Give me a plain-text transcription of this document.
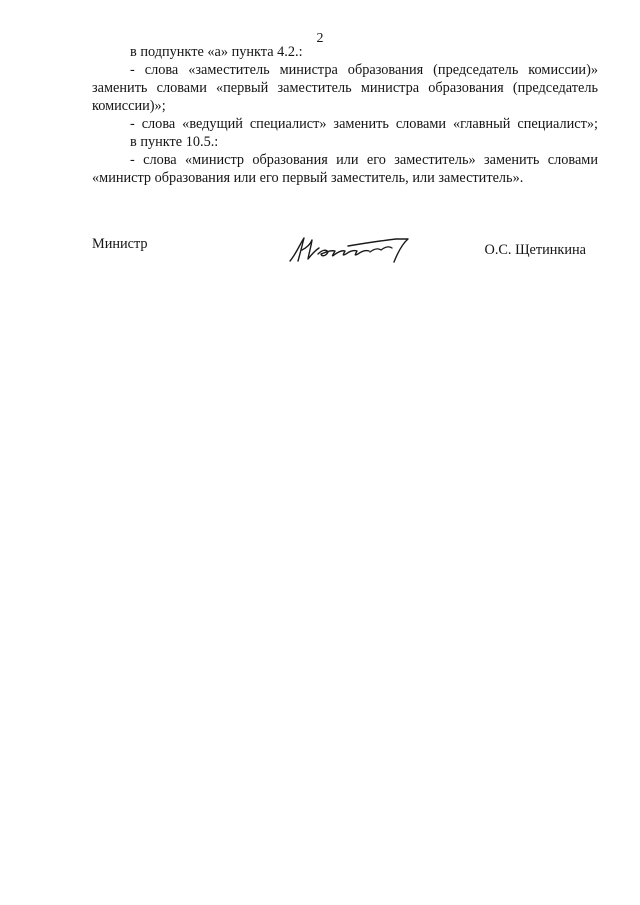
2

в подпункте «а» пункта 4.2.:

- слова «заместитель министра образования (председатель комиссии)» заменить словами «первый заместитель министра образования (председатель комиссии)»;

- слова «ведущий специалист» заменить словами «главный специалист»;

в пункте 10.5.:

- слова «министр образования или его заместитель» заменить словами «министр образования или его первый заместитель, или заместитель».

Министр	О.С. Щетинкина
